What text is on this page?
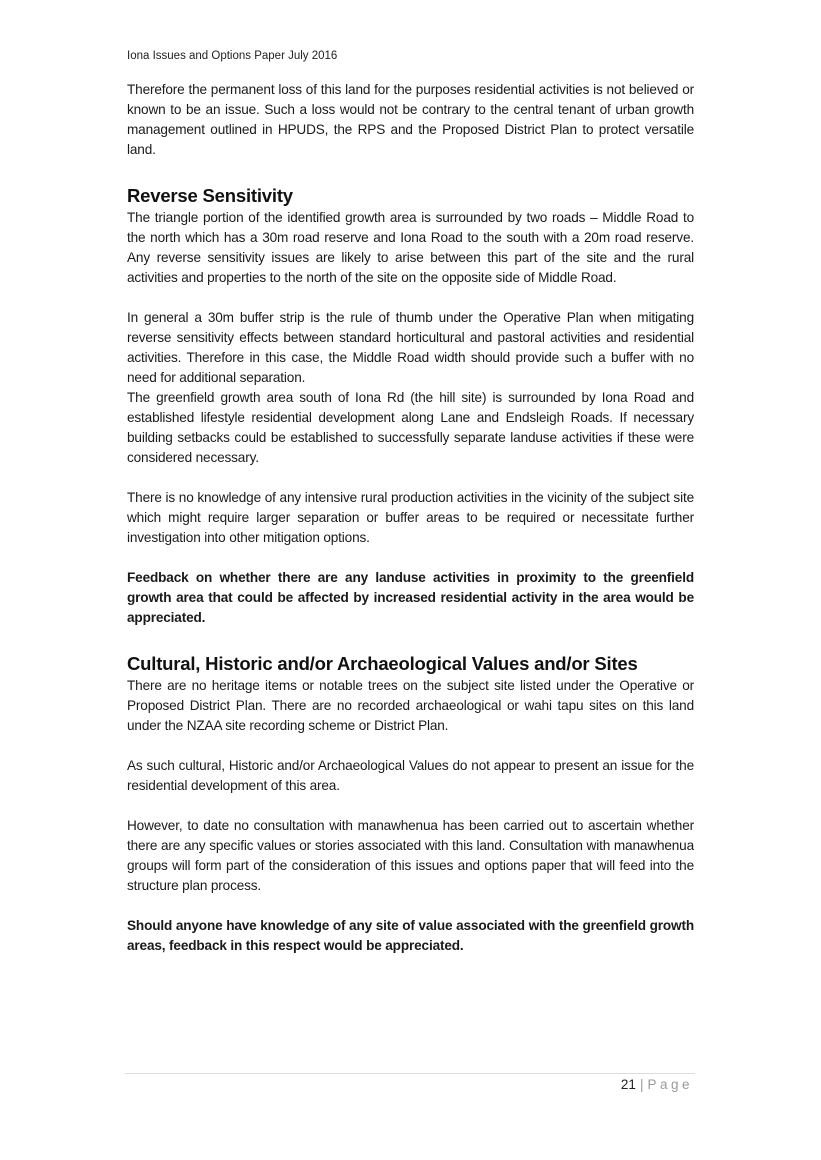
Iona Issues and Options Paper July 2016

Therefore the permanent loss of this land for the purposes residential activities is not believed or known to be an issue. Such a loss would not be contrary to the central tenant of urban growth management outlined in HPUDS, the RPS and the Proposed District Plan to protect versatile land.

Reverse Sensitivity

The triangle portion of the identified growth area is surrounded by two roads – Middle Road to the north which has a 30m road reserve and Iona Road to the south with a 20m road reserve. Any reverse sensitivity issues are likely to arise between this part of the site and the rural activities and properties to the north of the site on the opposite side of Middle Road.

In general a 30m buffer strip is the rule of thumb under the Operative Plan when mitigating reverse sensitivity effects between standard horticultural and pastoral activities and residential activities. Therefore in this case, the Middle Road width should provide such a buffer with no need for additional separation.

The greenfield growth area south of Iona Rd (the hill site) is surrounded by Iona Road and established lifestyle residential development along Lane and Endsleigh Roads. If necessary building setbacks could be established to successfully separate landuse activities if these were considered necessary.

There is no knowledge of any intensive rural production activities in the vicinity of the subject site which might require larger separation or buffer areas to be required or necessitate further investigation into other mitigation options.

Feedback on whether there are any landuse activities in proximity to the greenfield growth area that could be affected by increased residential activity in the area would be appreciated.

Cultural, Historic and/or Archaeological Values and/or Sites

There are no heritage items or notable trees on the subject site listed under the Operative or Proposed District Plan. There are no recorded archaeological or wahi tapu sites on this land under the NZAA site recording scheme or District Plan.

As such cultural, Historic and/or Archaeological Values do not appear to present an issue for the residential development of this area.

However, to date no consultation with manawhenua has been carried out to ascertain whether there are any specific values or stories associated with this land. Consultation with manawhenua groups will form part of the consideration of this issues and options paper that will feed into the structure plan process.

Should anyone have knowledge of any site of value associated with the greenfield growth areas, feedback in this respect would be appreciated.

21 | Page
